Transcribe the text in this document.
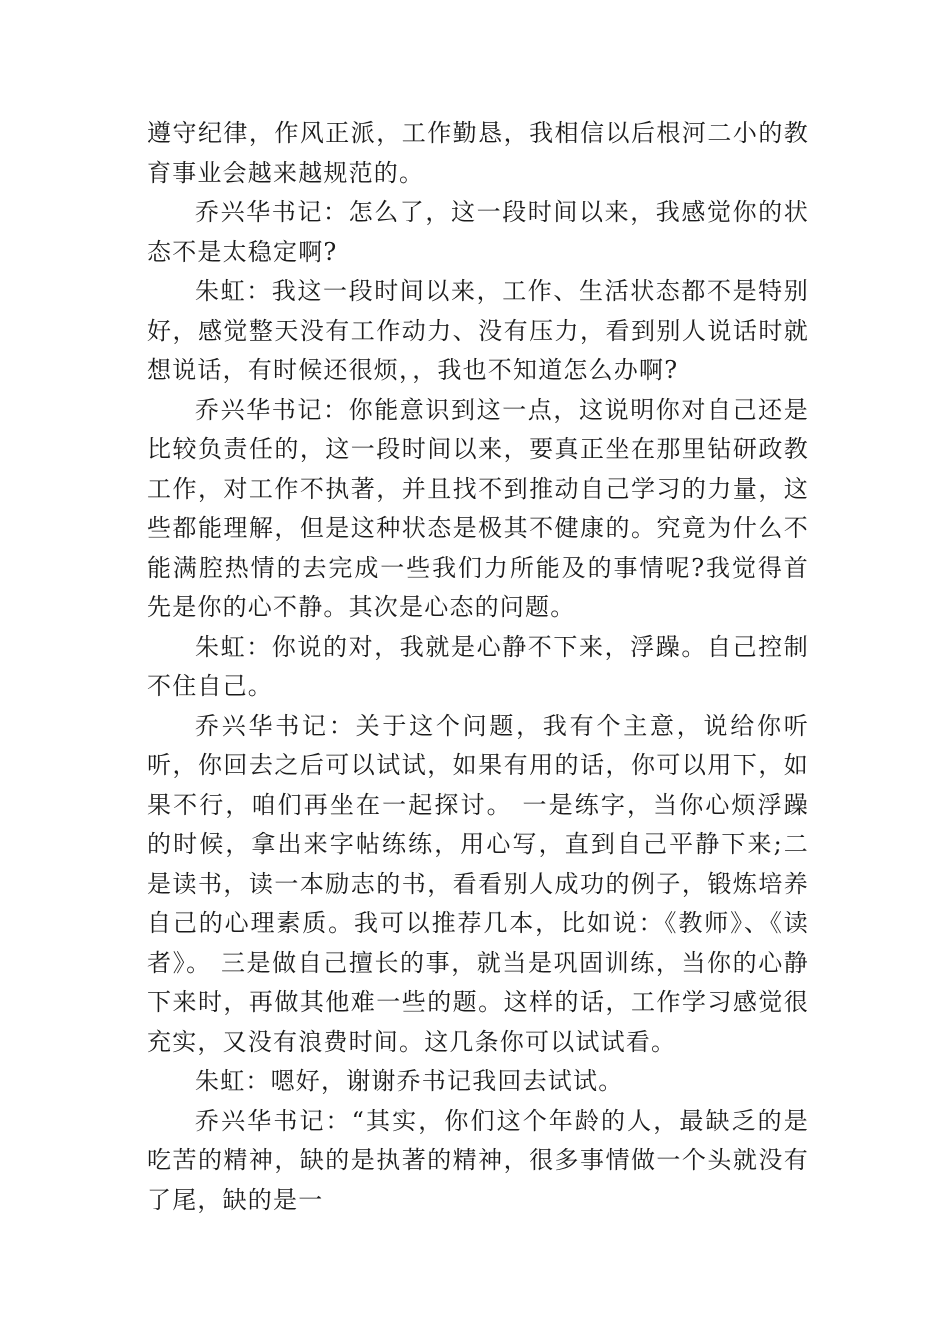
遵守纪律，作风正派，工作勤恳，我相信以后根河二小的教育事业会越来越规范的。

乔兴华书记：怎么了，这一段时间以来，我感觉你的状态不是太稳定啊?

朱虹：我这一段时间以来，工作、生活状态都不是特别好，感觉整天没有工作动力、没有压力，看到别人说话时就想说话，有时候还很烦，，我也不知道怎么办啊?

乔兴华书记：你能意识到这一点，这说明你对自己还是比较负责任的，这一段时间以来，要真正坐在那里钻研政教工作，对工作不执著，并且找不到推动自己学习的力量，这些都能理解，但是这种状态是极其不健康的。究竟为什么不能满腔热情的去完成一些我们力所能及的事情呢?我觉得首先是你的心不静。其次是心态的问题。

朱虹：你说的对，我就是心静不下来，浮躁。自己控制不住自己。

乔兴华书记：关于这个问题，我有个主意，说给你听听，你回去之后可以试试，如果有用的话，你可以用下，如果不行，咱们再坐在一起探讨。 一是练字，当你心烦浮躁的时候，拿出来字帖练练，用心写，直到自己平静下来;二是读书，读一本励志的书，看看别人成功的例子，锻炼培养自己的心理素质。我可以推荐几本，比如说：《教师》、《读者》。 三是做自己擅长的事，就当是巩固训练，当你的心静下来时，再做其他难一些的题。这样的话，工作学习感觉很充实，又没有浪费时间。这几条你可以试试看。

朱虹：嗯好，谢谢乔书记我回去试试。

乔兴华书记：“其实，你们这个年龄的人，最缺乏的是吃苦的精神，缺的是执著的精神，很多事情做一个头就没有了尾，缺的是一
